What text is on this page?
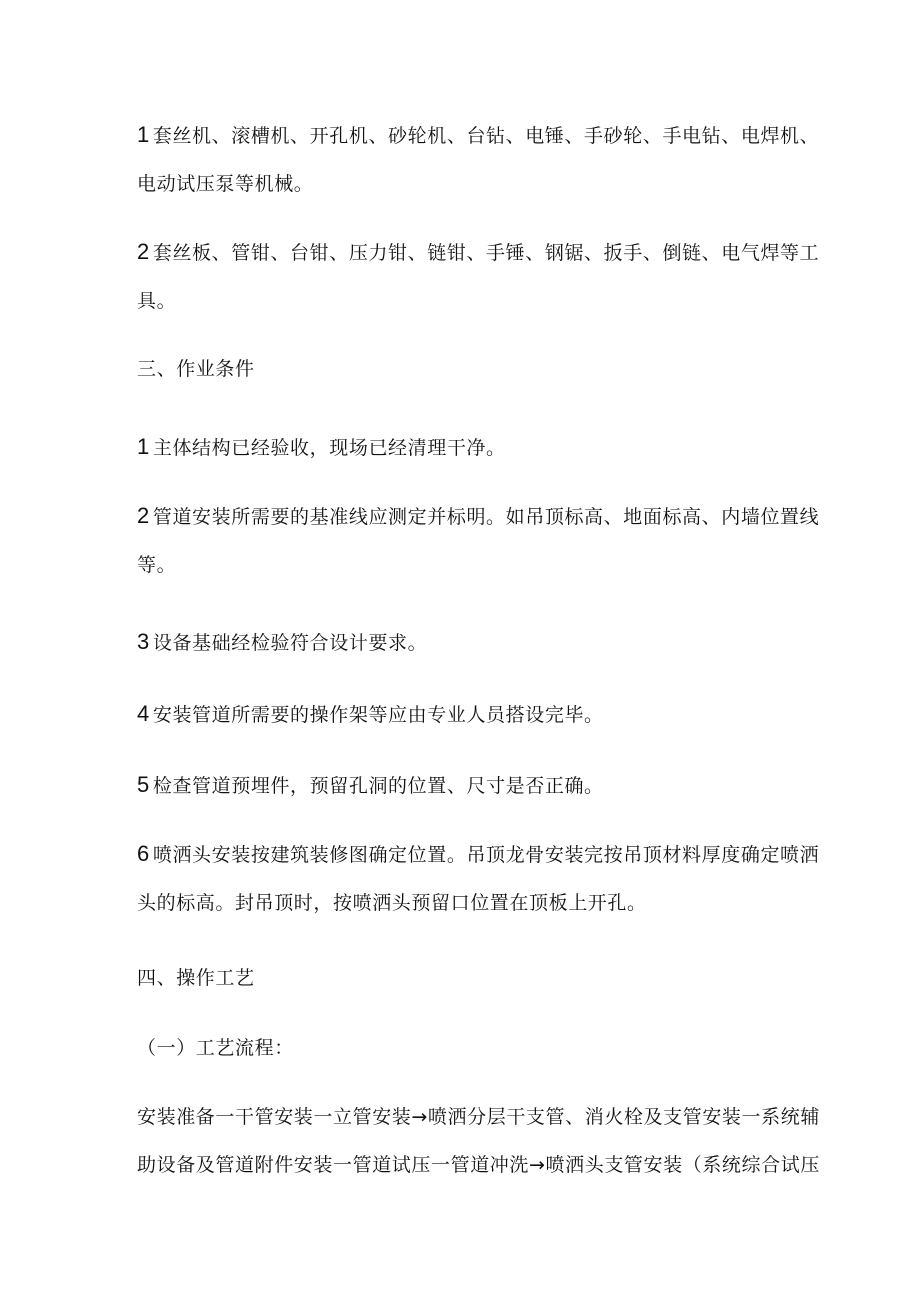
1 套丝机、滚槽机、开孔机、砂轮机、台钻、电锤、手砂轮、手电钻、电焊机、
电动试压泵等机械。

2 套丝板、管钳、台钳、压力钳、链钳、手锤、钢锯、扳手、倒链、电气焊等工
具。

三、作业条件

1 主体结构已经验收，现场已经清理干净。

2 管道安装所需要的基准线应测定并标明。如吊顶标高、地面标高、内墙位置线
等。

3 设备基础经检验符合设计要求。

4 安装管道所需要的操作架等应由专业人员搭设完毕。

5 检查管道预埋件，预留孔洞的位置、尺寸是否正确。

6 喷洒头安装按建筑装修图确定位置。吊顶龙骨安装完按吊顶材料厚度确定喷洒
头的标高。封吊顶时，按喷洒头预留口位置在顶板上开孔。

四、操作工艺

（一）工艺流程：

安装准备一干管安装一立管安装→喷洒分层干支管、消火栓及支管安装一系统辅
助设备及管道附件安装一管道试压一管道冲洗→喷洒头支管安装（系统综合试压
